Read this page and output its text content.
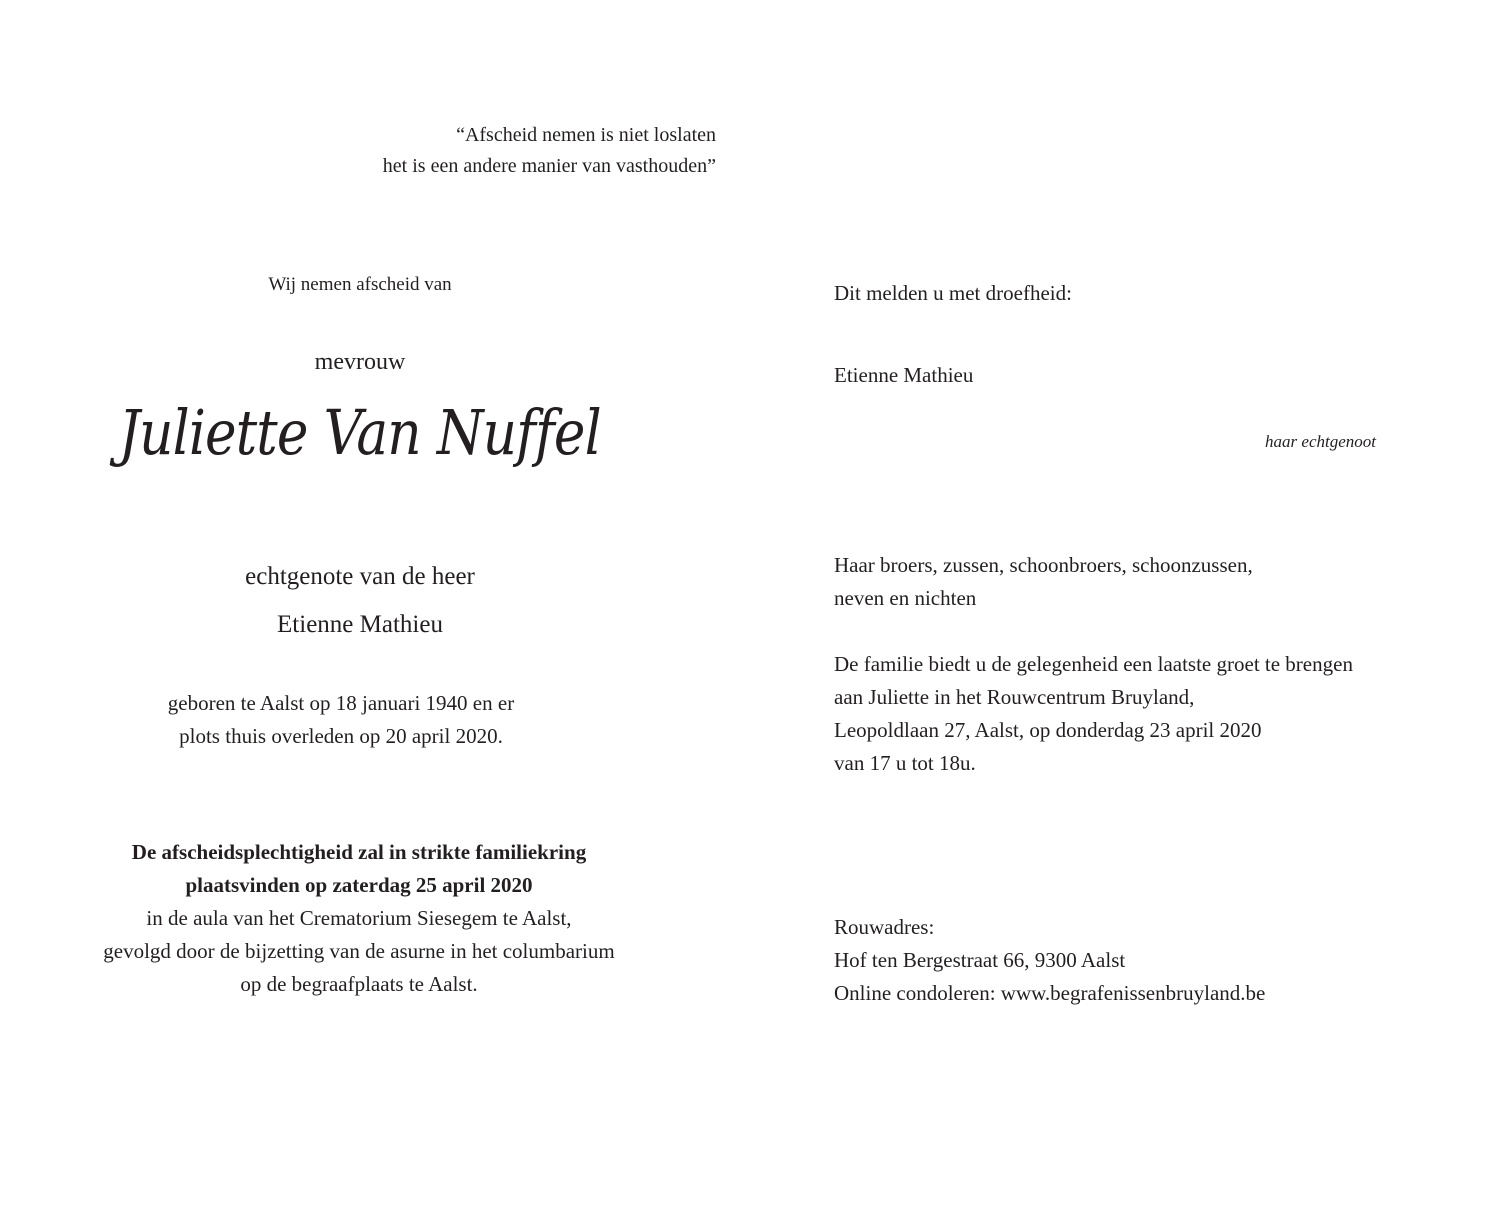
“Afscheid nemen is niet loslaten
het is een andere manier van vasthouden”
Wij nemen afscheid van
mevrouw
Juliette Van Nuffel
echtgenote van de heer
Etienne Mathieu
geboren te Aalst op 18 januari 1940 en er
plots thuis overleden op 20 april 2020.
De afscheidsplechtigheid zal in strikte familiekring
plaatsvinden op zaterdag 25 april 2020
in de aula van het Crematorium Siesegem te Aalst,
gevolgd door de bijzetting van de asurne in het columbarium
op de begraafplaats te Aalst.
Dit melden u met droefheid:
Etienne Mathieu
haar echtgenoot
Haar broers, zussen, schoonbroers, schoonzussen,
neven en nichten
De familie biedt u de gelegenheid een laatste groet te brengen
aan Juliette in het Rouwcentrum Bruyland,
Leopoldlaan 27, Aalst, op donderdag 23 april 2020
van 17 u tot 18u.
Rouwadres:
Hof ten Bergestraat 66, 9300 Aalst
Online condoleren: www.begrafenissenbruyland.be
